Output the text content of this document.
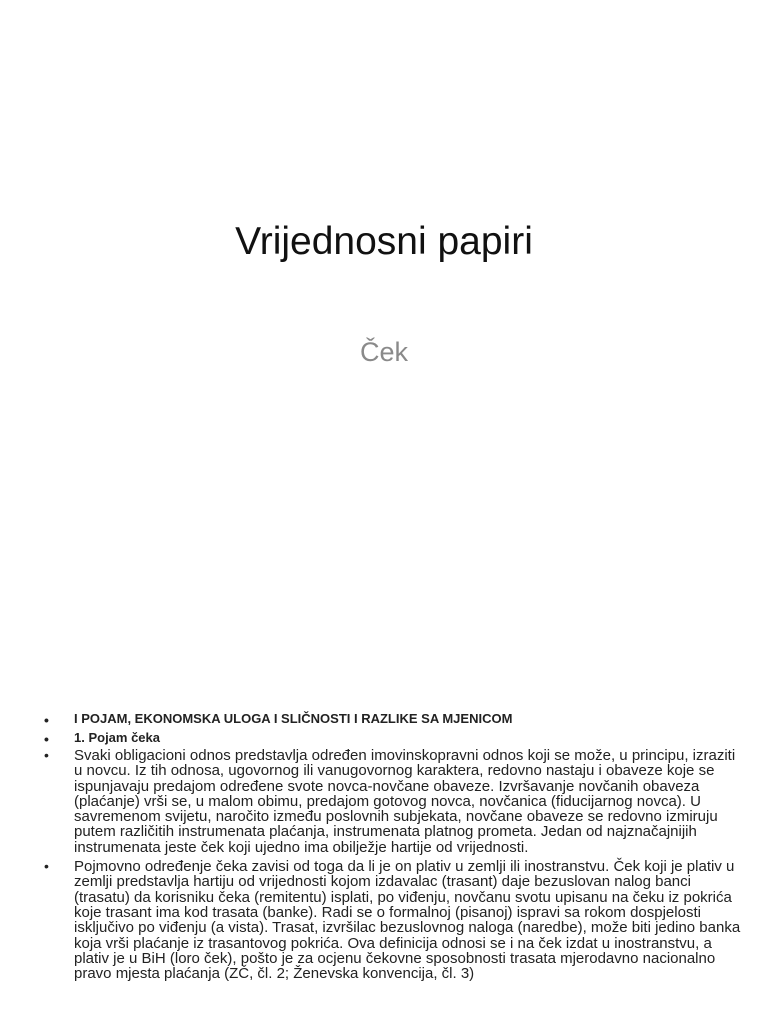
Vrijednosni papiri
Ček
• I POJAM, EKONOMSKA ULOGA I SLIČNOSTI I RAZLIKE SA MJENICOM
• 1. Pojam čeka
• Svaki obligacioni odnos predstavlja određen imovinskopravni odnos koji se može, u principu, izraziti u novcu. Iz tih odnosa, ugovornog ili vanugovornog karaktera, redovno nastaju i obaveze koje se ispunjavaju predajom određene svote novca-novčane obaveze. Izvršavanje novčanih obaveza (plaćanje) vrši se, u malom obimu, predajom gotovog novca, novčanica (fiducijarnog novca). U savremenom svijetu, naročito između poslovnih subjekata, novčane obaveze se redovno izmiruju putem različitih instrumenata plaćanja, instrumenata platnog prometa. Jedan od najznačajnijih instrumenata jeste ček koji ujedno ima obilježje hartije od vrijednosti.
• Pojmovno određenje čeka zavisi od toga da li je on plativ u zemlji ili inostranstvu. Ček koji je plativ u zemlji predstavlja hartiju od vrijednosti kojom izdavalac (trasant) daje bezuslovan nalog banci (trasatu) da korisniku čeka (remitentu) isplati, po viđenju, novčanu svotu upisanu na čeku iz pokrića koje trasant ima kod trasata (banke). Radi se o formalnoj (pisanoj) ispravi sa rokom dospjelosti isključivo po viđenju (a vista). Trasat, izvršilac bezuslovnog naloga (naredbe), može biti jedino banka koja vrši plaćanje iz trasantovog pokrića. Ova definicija odnosi se i na ček izdat u inostranstvu, a plativ je u BiH (loro ček), pošto je za ocjenu čekovne sposobnosti trasata mjerodavno nacionalno pravo mjesta plaćanja (ZČ, čl. 2; Ženevska konvencija, čl. 3)
